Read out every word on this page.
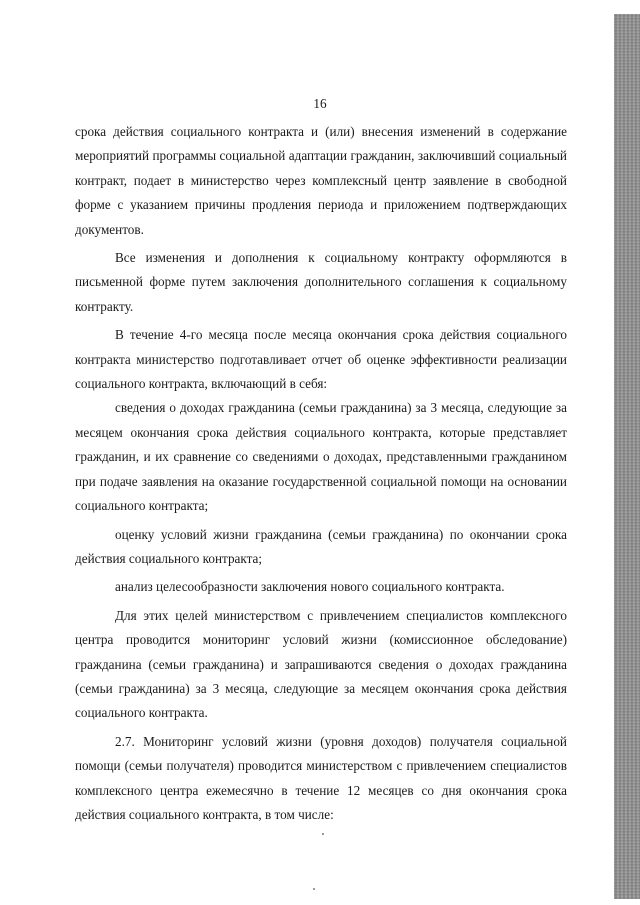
16

срока действия социального контракта и (или) внесения изменений в содержание мероприятий программы социальной адаптации гражданин, заключивший социальный контракт, подает в министерство через комплексный центр заявление в свободной форме с указанием причины продления периода и приложением подтверждающих документов.

Все изменения и дополнения к социальному контракту оформляются в письменной форме путем заключения дополнительного соглашения к социальному контракту.

В течение 4-го месяца после месяца окончания срока действия социального контракта министерство подготавливает отчет об оценке эффективности реализации социального контракта, включающий в себя:

сведения о доходах гражданина (семьи гражданина) за 3 месяца, следующие за месяцем окончания срока действия социального контракта, которые представляет гражданин, и их сравнение со сведениями о доходах, представленными гражданином при подаче заявления на оказание государственной социальной помощи на основании социального контракта;

оценку условий жизни гражданина (семьи гражданина) по окончании срока действия социального контракта;

анализ целесообразности заключения нового социального контракта.

Для этих целей министерством с привлечением специалистов комплексного центра проводится мониторинг условий жизни (комиссионное обследование) гражданина (семьи гражданина) и запрашиваются сведения о доходах гражданина (семьи гражданина) за 3 месяца, следующие за месяцем окончания срока действия социального контракта.

2.7. Мониторинг условий жизни (уровня доходов) получателя социальной помощи (семьи получателя) проводится министерством с привлечением специалистов комплексного центра ежемесячно в течение 12 месяцев со дня окончания срока действия социального контракта, в том числе:
